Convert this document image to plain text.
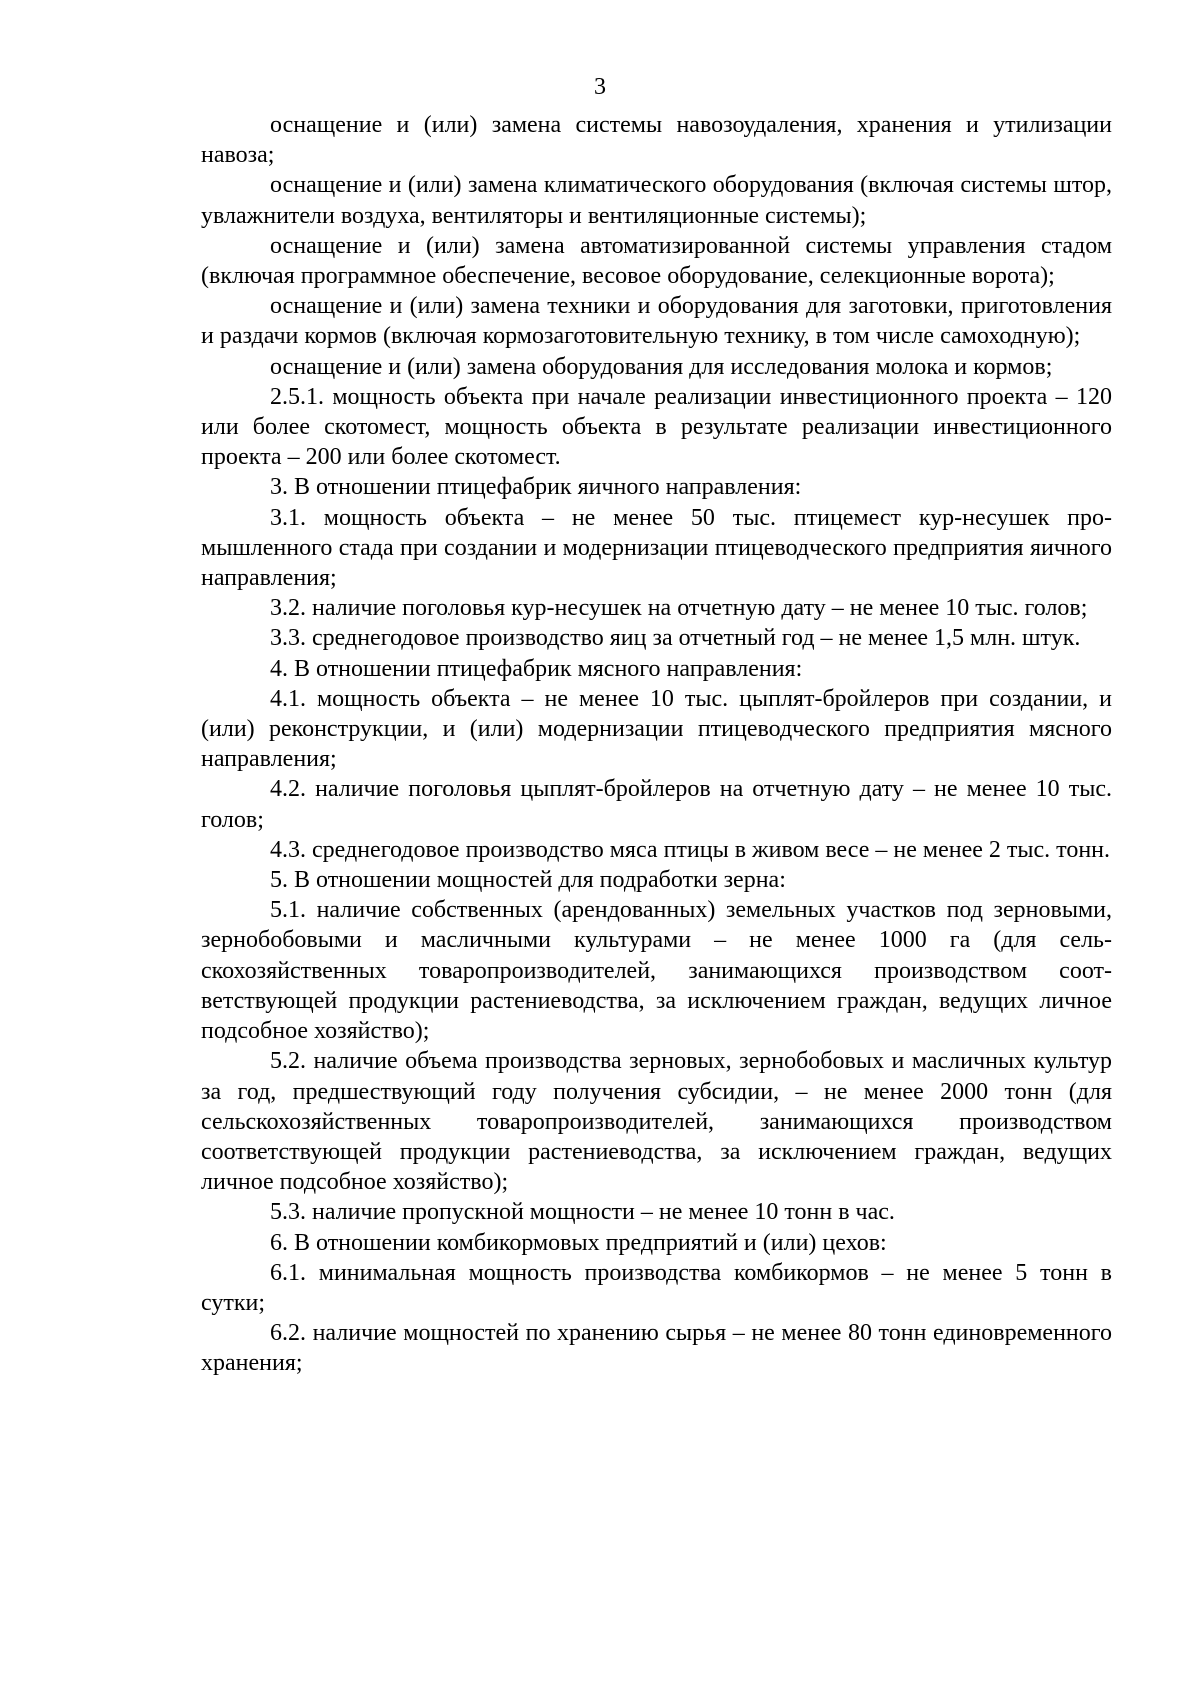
3

оснащение и (или) замена системы навозоудаления, хранения и утилизации навоза;

оснащение и (или) замена климатического оборудования (включая системы штор, увлажнители воздуха, вентиляторы и вентиляционные системы);

оснащение и (или) замена автоматизированной системы управления стадом (включая программное обеспечение, весовое оборудование, селекционные ворота);

оснащение и (или) замена техники и оборудования для заготовки, приготовления и раздачи кормов (включая кормозаготовительную технику, в том числе самоходную);

оснащение и (или) замена оборудования для исследования молока и кормов;

2.5.1. мощность объекта при начале реализации инвестиционного проекта – 120 или более скотомест, мощность объекта в результате реализации инвестиционного проекта – 200 или более скотомест.

3. В отношении птицефабрик яичного направления:

3.1. мощность объекта – не менее 50 тыс. птицемест кур-несушек промышленного стада при создании и модернизации птицеводческого предприятия яичного направления;

3.2. наличие поголовья кур-несушек на отчетную дату – не менее 10 тыс. голов;

3.3. среднегодовое производство яиц за отчетный год – не менее 1,5 млн. штук.

4. В отношении птицефабрик мясного направления:

4.1. мощность объекта – не менее 10 тыс. цыплят-бройлеров при создании, и (или) реконструкции, и (или) модернизации птицеводческого предприятия мясного направления;

4.2. наличие поголовья цыплят-бройлеров на отчетную дату – не менее 10 тыс. голов;

4.3. среднегодовое производство мяса птицы в живом весе – не менее 2 тыс. тонн.

5. В отношении мощностей для подработки зерна:

5.1. наличие собственных (арендованных) земельных участков под зерновыми, зернобобовыми и масличными культурами – не менее 1000 га (для сельскохозяйственных товаропроизводителей, занимающихся производством соответствующей продукции растениеводства, за исключением граждан, ведущих личное подсобное хозяйство);

5.2. наличие объема производства зерновых, зернобобовых и масличных культур за год, предшествующий году получения субсидии, – не менее 2000 тонн (для сельскохозяйственных товаропроизводителей, занимающихся производством соответствующей продукции растениеводства, за исключением граждан, ведущих личное подсобное хозяйство);

5.3. наличие пропускной мощности – не менее 10 тонн в час.

6. В отношении комбикормовых предприятий и (или) цехов:

6.1. минимальная мощность производства комбикормов – не менее 5 тонн в сутки;

6.2. наличие мощностей по хранению сырья – не менее 80 тонн единовременного хранения;
